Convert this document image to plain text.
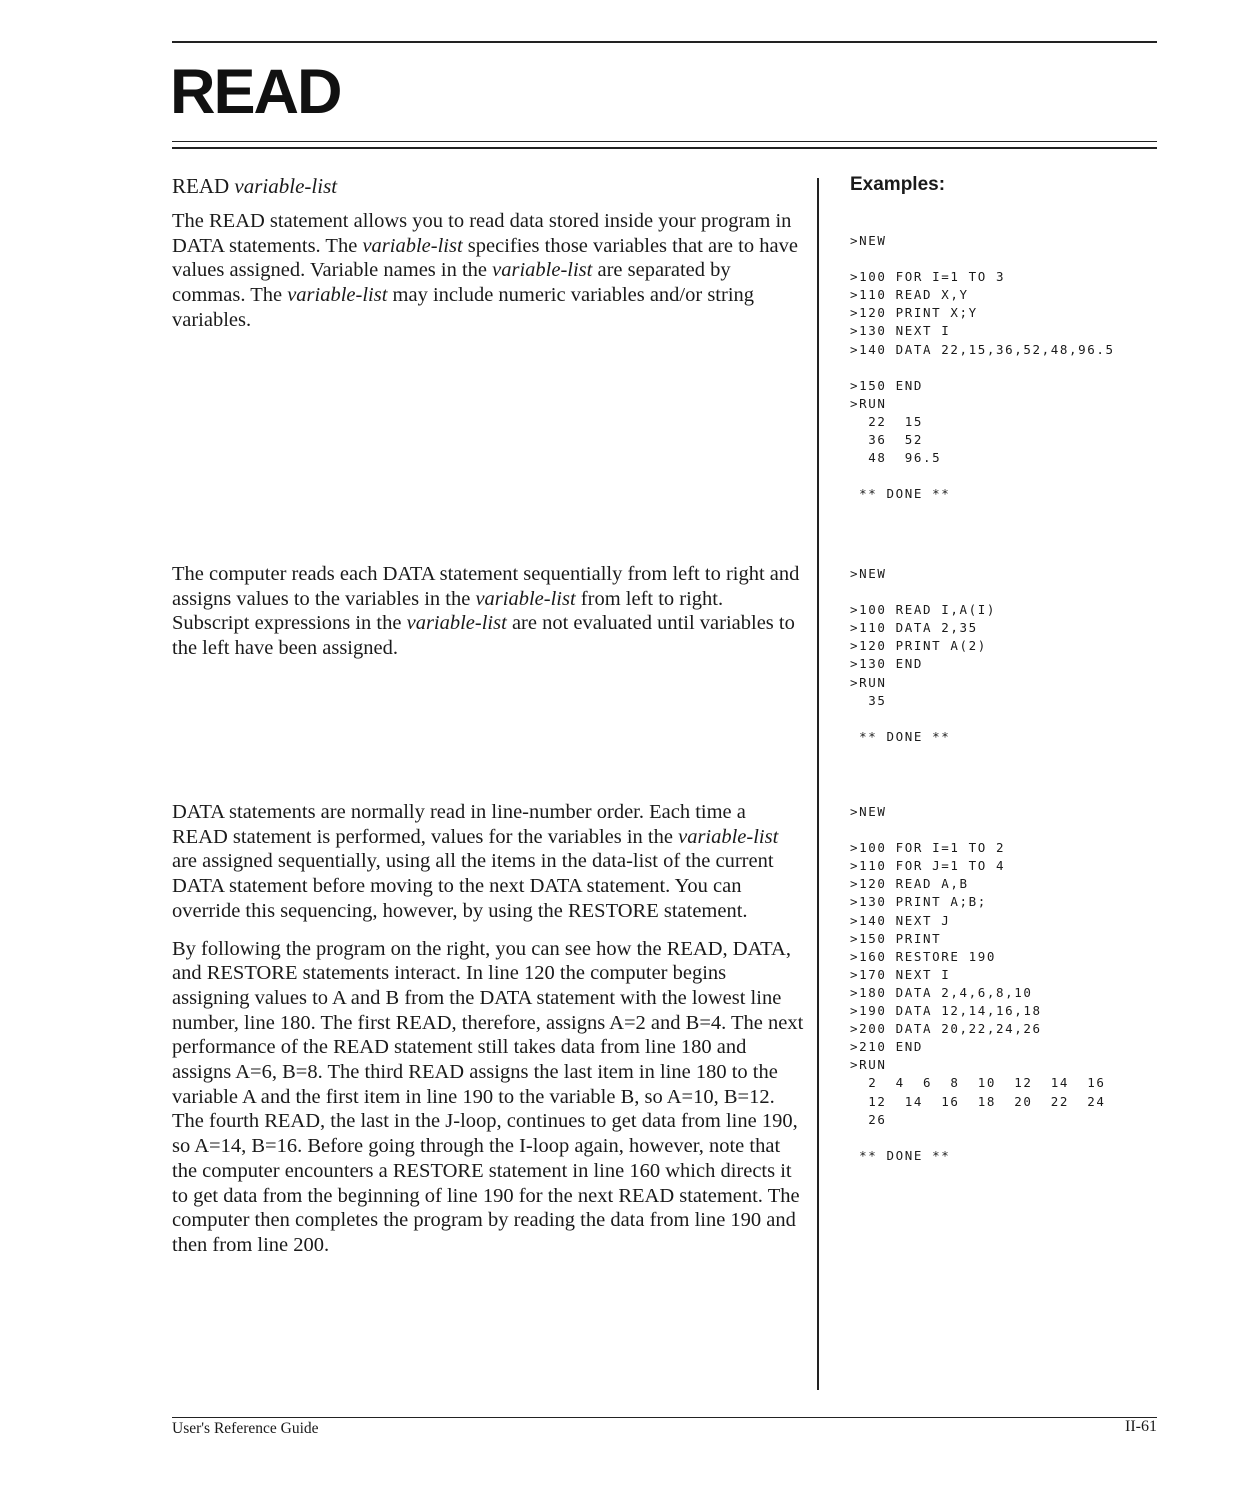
READ
READ variable-list

The READ statement allows you to read data stored inside your program in DATA statements. The variable-list specifies those variables that are to have values assigned. Variable names in the variable-list are separated by commas. The variable-list may include numeric variables and/or string variables.

The computer reads each DATA statement sequentially from left to right and assigns values to the variables in the variable-list from left to right. Subscript expressions in the variable-list are not evaluated until variables to the left have been assigned.

DATA statements are normally read in line-number order. Each time a READ statement is performed, values for the variables in the variable-list are assigned sequentially, using all the items in the data-list of the current DATA statement before moving to the next DATA statement. You can override this sequencing, however, by using the RESTORE statement.

By following the program on the right, you can see how the READ, DATA, and RESTORE statements interact. In line 120 the computer begins assigning values to A and B from the DATA statement with the lowest line number, line 180. The first READ, therefore, assigns A=2 and B=4. The next performance of the READ statement still takes data from line 180 and assigns A=6, B=8. The third READ assigns the last item in line 180 to the variable A and the first item in line 190 to the variable B, so A=10, B=12. The fourth READ, the last in the J-loop, continues to get data from line 190, so A=14, B=16. Before going through the I-loop again, however, note that the computer encounters a RESTORE statement in line 160 which directs it to get data from the beginning of line 190 for the next READ statement. The computer then completes the program by reading the data from line 190 and then from line 200.

Examples:
>NEW
>100 FOR I=1 TO 3
>110 READ X,Y
>120 PRINT X;Y
>130 NEXT I
>140 DATA 22,15,36,52,48,96.5
>150 END
>RUN
22  15
36  52
48  96.5
** DONE **
>NEW
>100 READ I,A(I)
>110 DATA 2,35
>120 PRINT A(2)
>130 END
>RUN
35
** DONE **
>NEW
>100 FOR I=1 TO 2
>110 FOR J=1 TO 4
>120 READ A,B
>130 PRINT A;B;
>140 NEXT J
>150 PRINT
>160 RESTORE 190
>170 NEXT I
>180 DATA 2,4,6,8,10
>190 DATA 12,14,16,18
>200 DATA 20,22,24,26
>210 END
>RUN
2  4  6  8  10  12  14  16
12  14  16  18  20  22  24
26
** DONE **
User's Reference Guide	II-61
